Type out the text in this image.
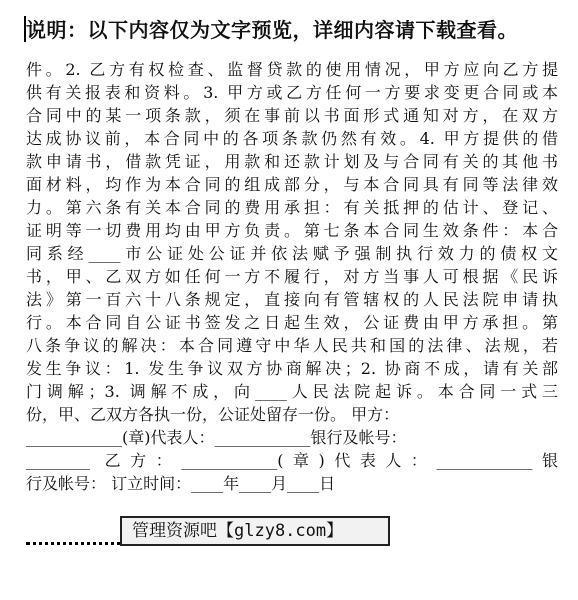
说明：以下内容仅为文字预览，详细内容请下载查看。
件。2. 乙方有权检查、监督贷款的使用情况，甲方应向乙方提
供有关报表和资料。3. 甲方或乙方任何一方要求变更合同或本
合同中的某一项条款，须在事前以书面形式通知对方，在双方
达成协议前，本合同中的各项条款仍然有效。4. 甲方提供的借
款申请书，借款凭证，用款和还款计划及与合同有关的其他书
面材料，均作为本合同的组成部分，与本合同具有同等法律效
力。第六条有关本合同的费用承担：有关抵押的估计、登记、
证明等一切费用均由甲方负责。第七条本合同生效条件：本合
同系经____市公证处公证并依法赋予强制执行效力的债权文
书，甲、乙双方如任何一方不履行，对方当事人可根据《民诉
法》第一百六十八条规定，直接向有管辖权的人民法院申请执
行。本合同自公证书签发之日起生效，公证费由甲方承担。第
八条争议的解决：本合同遵守中华人民共和国的法律、法规，若
发生争议：1. 发生争议双方协商解决；2. 协商不成，请有关部
门调解；3. 调解不成，向____人民法院起诉。本合同一式三
份，甲、乙双方各执一份，公证处留存一份。 甲方：
____________(章)代表人：____________银行及帐号：
________ 乙方：____________(章)代表人：____________银
行及帐号： 订立时间：____年____月____日
管理资源吧【glzy8.com】
